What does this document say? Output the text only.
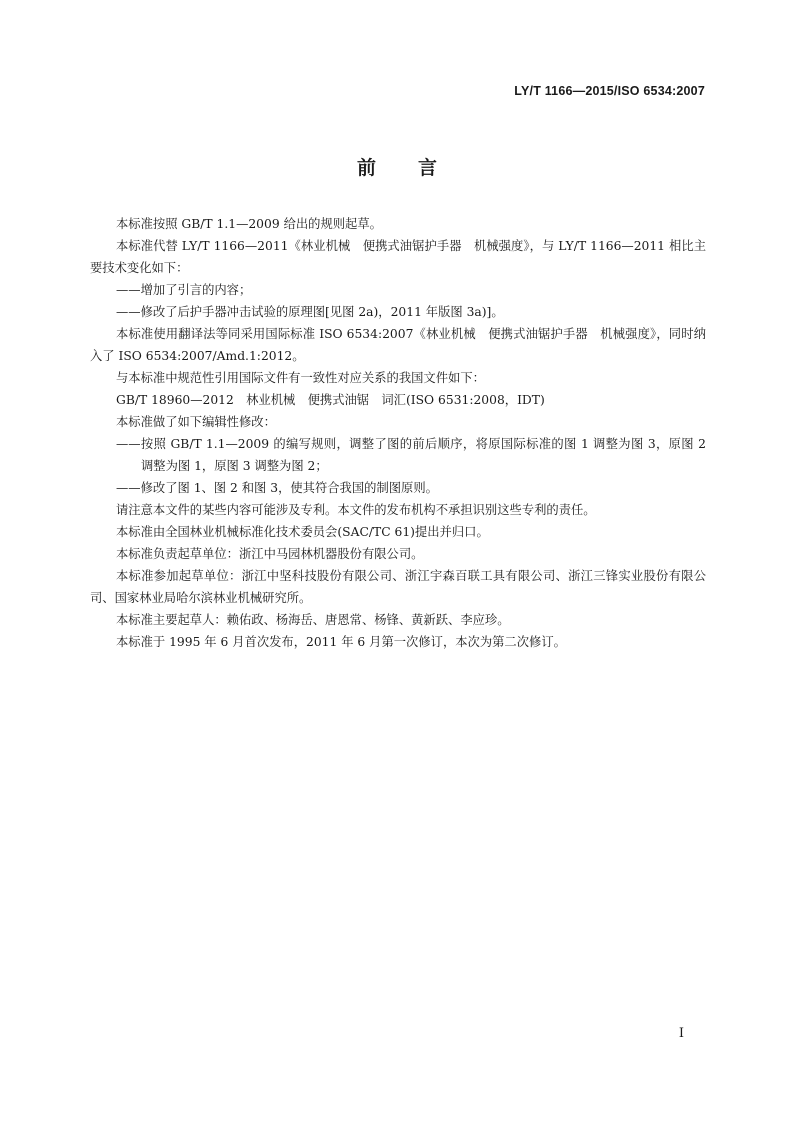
LY/T 1166—2015/ISO 6534:2007
前言

本标准按照 GB/T 1.1—2009 给出的规则起草。

本标准代替 LY/T 1166—2011《林业机械　便携式油锯护手器　机械强度》，与 LY/T 1166—2011 相比主要技术变化如下：

——增加了引言的内容；

——修改了后护手器冲击试验的原理图[见图 2a)，2011 年版图 3a)]。

本标准使用翻译法等同采用国际标准 ISO 6534:2007《林业机械　便携式油锯护手器　机械强度》，同时纳入了 ISO 6534:2007/Amd.1:2012。

与本标准中规范性引用国际文件有一致性对应关系的我国文件如下：

GB/T 18960—2012　林业机械　便携式油锯　词汇(ISO 6531:2008，IDT)

本标准做了如下编辑性修改：

——按照 GB/T 1.1—2009 的编写规则，调整了图的前后顺序，将原国际标准的图 1 调整为图 3，原图 2 调整为图 1，原图 3 调整为图 2；

——修改了图 1、图 2 和图 3，使其符合我国的制图原则。

请注意本文件的某些内容可能涉及专利。本文件的发布机构不承担识别这些专利的责任。

本标准由全国林业机械标准化技术委员会(SAC/TC 61)提出并归口。

本标准负责起草单位：浙江中马园林机器股份有限公司。

本标准参加起草单位：浙江中坚科技股份有限公司、浙江宇森百联工具有限公司、浙江三锋实业股份有限公司、国家林业局哈尔滨林业机械研究所。

本标准主要起草人：赖佑政、杨海岳、唐恩常、杨锋、黄新跃、李应珍。

本标准于 1995 年 6 月首次发布，2011 年 6 月第一次修订，本次为第二次修订。

I
